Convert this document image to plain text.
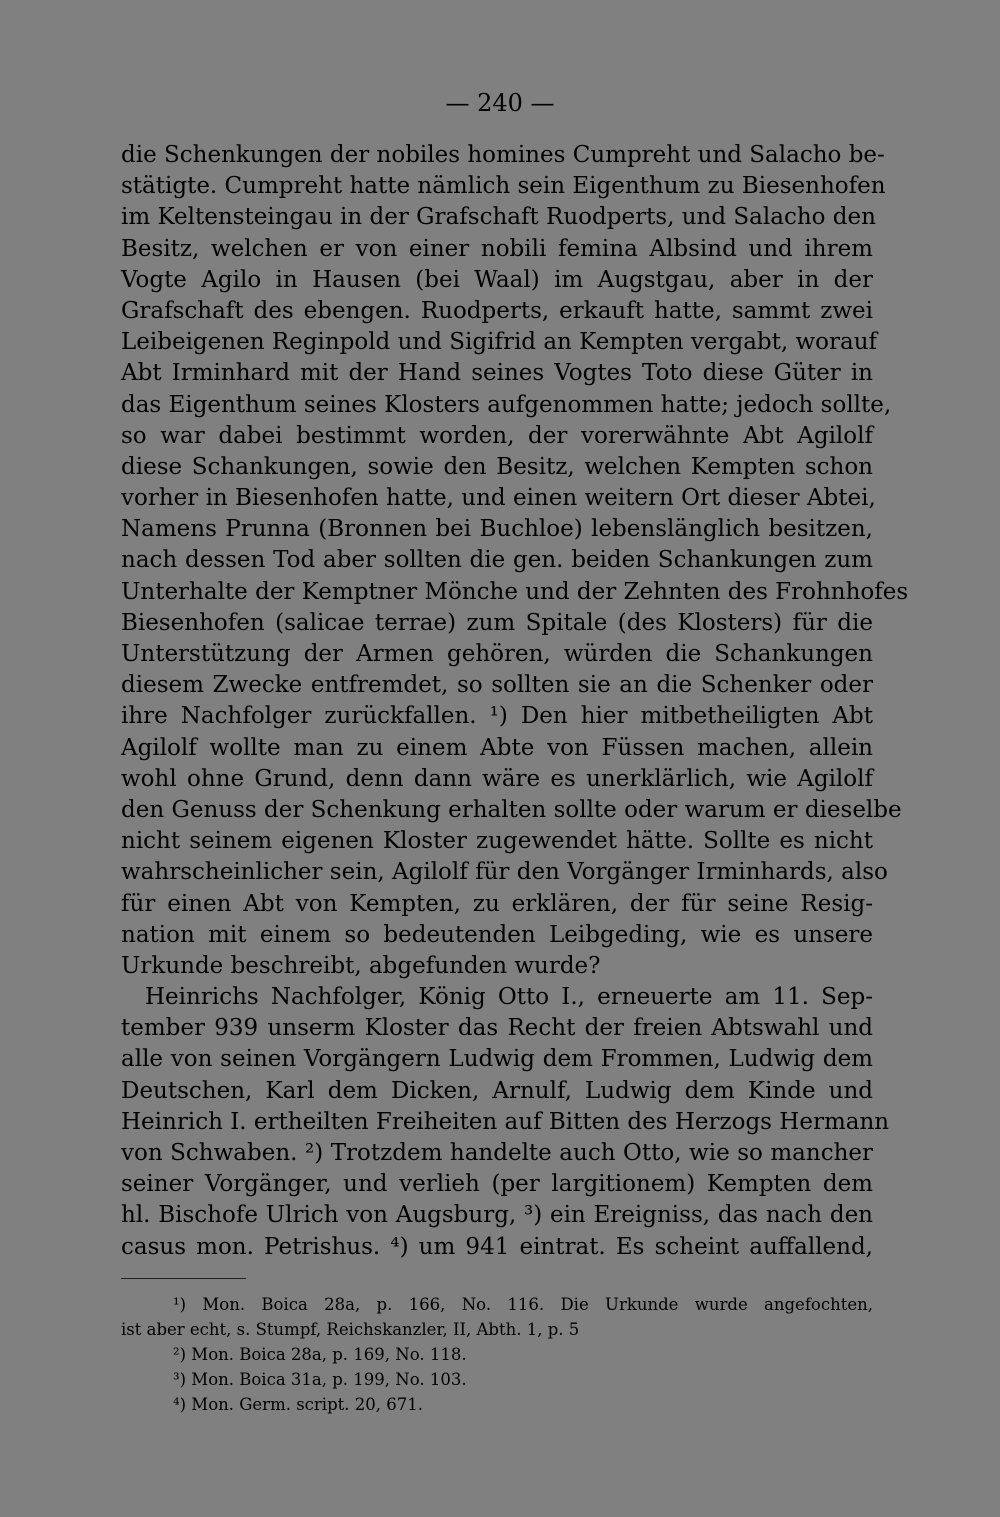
— 240 —
die Schenkungen der nobiles homines Cumpreht und Salacho be-
stätigte. Cumpreht hatte nämlich sein Eigenthum zu Biesenhofen
im Keltensteingau in der Grafschaft Ruodperts, und Salacho den
Besitz, welchen er von einer nobili femina Albsind und ihrem
Vogte Agilo in Hausen (bei Waal) im Augstgau, aber in der
Grafschaft des ebengen. Ruodperts, erkauft hatte, sammt zwei
Leibeigenen Reginpold und Sigifrid an Kempten vergabt, worauf
Abt Irminhard mit der Hand seines Vogtes Toto diese Güter in
das Eigenthum seines Klosters aufgenommen hatte; jedoch sollte,
so war dabei bestimmt worden, der vorerwähnte Abt Agilolf
diese Schankungen, sowie den Besitz, welchen Kempten schon
vorher in Biesenhofen hatte, und einen weitern Ort dieser Abtei,
Namens Prunna (Bronnen bei Buchloe) lebenslänglich besitzen,
nach dessen Tod aber sollten die gen. beiden Schankungen zum
Unterhalte der Kemptner Mönche und der Zehnten des Frohnhofes
Biesenhofen (salicae terrae) zum Spitale (des Klosters) für die
Unterstützung der Armen gehören, würden die Schankungen
diesem Zwecke entfremdet, so sollten sie an die Schenker oder
ihre Nachfolger zurückfallen. ¹) Den hier mitbetheiligten Abt
Agilolf wollte man zu einem Abte von Füssen machen, allein
wohl ohne Grund, denn dann wäre es unerklärlich, wie Agilolf
den Genuss der Schenkung erhalten sollte oder warum er dieselbe
nicht seinem eigenen Kloster zugewendet hätte. Sollte es nicht
wahrscheinlicher sein, Agilolf für den Vorgänger Irminhards, also
für einen Abt von Kempten, zu erklären, der für seine Resig-
nation mit einem so bedeutenden Leibgeding, wie es unsere
Urkunde beschreibt, abgefunden wurde?
Heinrichs Nachfolger, König Otto I., erneuerte am 11. Sep-
tember 939 unserm Kloster das Recht der freien Abtswahl und
alle von seinen Vorgängern Ludwig dem Frommen, Ludwig dem
Deutschen, Karl dem Dicken, Arnulf, Ludwig dem Kinde und
Heinrich I. ertheilten Freiheiten auf Bitten des Herzogs Hermann
von Schwaben. ²) Trotzdem handelte auch Otto, wie so mancher
seiner Vorgänger, und verlieh (per largitionem) Kempten dem
hl. Bischofe Ulrich von Augsburg, ³) ein Ereigniss, das nach den
casus mon. Petrishus. ⁴) um 941 eintrat. Es scheint auffallend,
¹) Mon. Boica 28a, p. 166, No. 116. Die Urkunde wurde angefochten,
ist aber echt, s. Stumpf, Reichskanzler, II, Abth. 1, p. 5
²) Mon. Boica 28a, p. 169, No. 118.
³) Mon. Boica 31a, p. 199, No. 103.
⁴) Mon. Germ. script. 20, 671.
